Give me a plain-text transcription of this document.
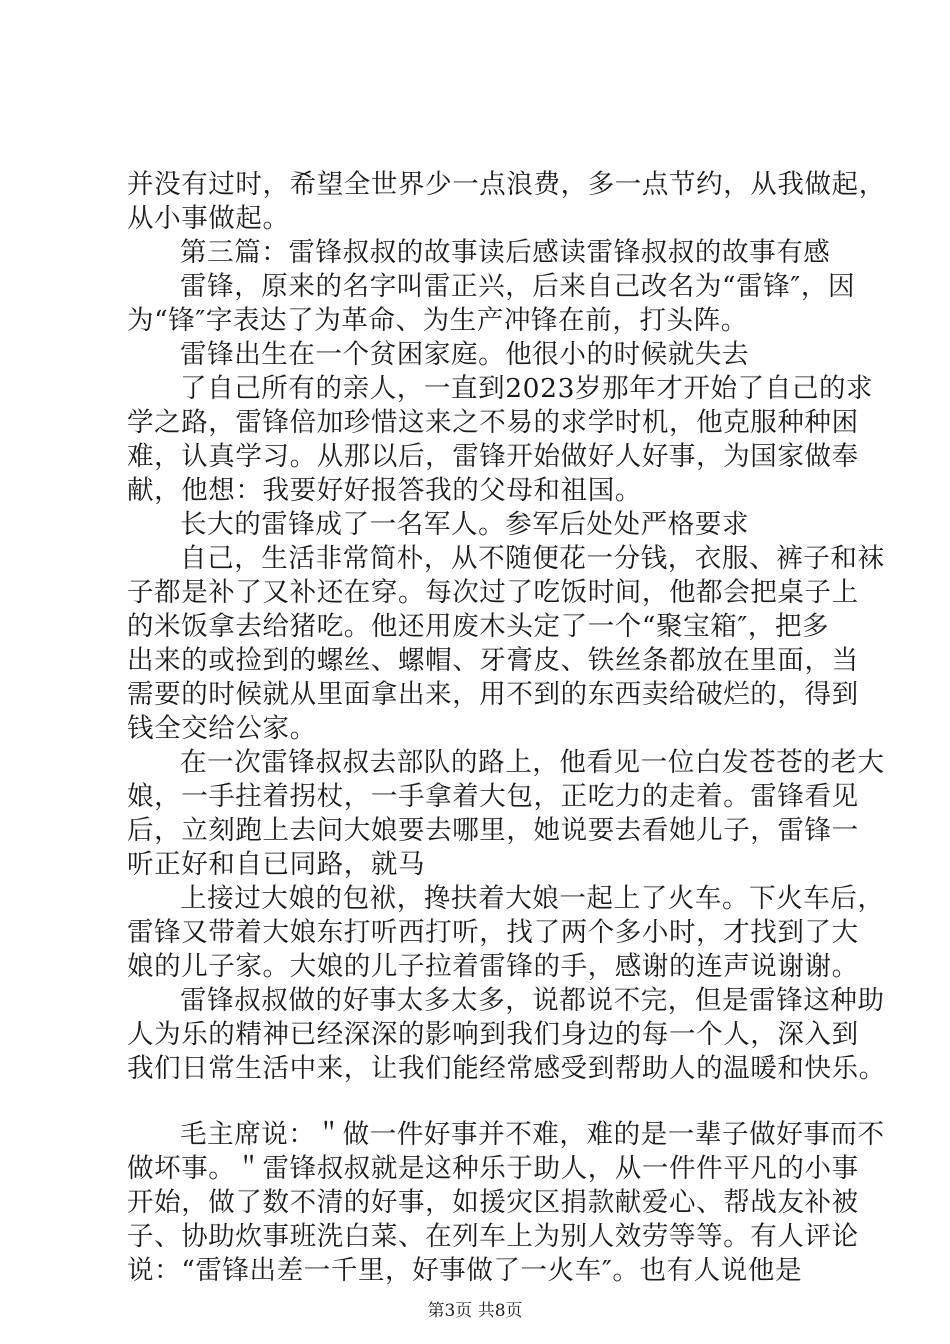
并没有过时，希望全世界少一点浪费，多一点节约，从我做起，
从小事做起。
第三篇：雷锋叔叔的故事读后感读雷锋叔叔的故事有感
雷锋，原来的名字叫雷正兴，后来自己改名为“雷锋″，因
为“锋″字表达了为革命、为生产冲锋在前，打头阵。
雷锋出生在一个贫困家庭。他很小的时候就失去
了自己所有的亲人，一直到2023岁那年才开始了自己的求
学之路，雷锋倍加珍惜这来之不易的求学时机，他克服种种困
难，认真学习。从那以后，雷锋开始做好人好事，为国家做奉
献，他想：我要好好报答我的父母和祖国。
长大的雷锋成了一名军人。参军后处处严格要求
自己，生活非常简朴，从不随便花一分钱，衣服、裤子和袜
子都是补了又补还在穿。每次过了吃饭时间，他都会把桌子上
的米饭拿去给猪吃。他还用废木头定了一个“聚宝箱″，把多
出来的或捡到的螺丝、螺帽、牙膏皮、铁丝条都放在里面，当
需要的时候就从里面拿出来，用不到的东西卖给破烂的，得到
钱全交给公家。
在一次雷锋叔叔去部队的路上，他看见一位白发苍苍的老大
娘，一手拄着拐杖，一手拿着大包，正吃力的走着。雷锋看见
后，立刻跑上去问大娘要去哪里，她说要去看她儿子，雷锋一
听正好和自已同路，就马
上接过大娘的包袱，搀扶着大娘一起上了火车。下火车后，
雷锋又带着大娘东打听西打听，找了两个多小时，才找到了大
娘的儿子家。大娘的儿子拉着雷锋的手，感谢的连声说谢谢。
雷锋叔叔做的好事太多太多，说都说不完，但是雷锋这种助
人为乐的精神已经深深的影响到我们身边的每一个人，深入到
我们日常生活中来，让我们能经常感受到帮助人的温暖和快乐。
毛主席说：＂做一件好事并不难，难的是一辈子做好事而不
做坏事。＂雷锋叔叔就是这种乐于助人，从一件件平凡的小事
开始，做了数不清的好事，如援灾区捐款献爱心、帮战友补被
子、协助炊事班洗白菜、在列车上为别人效劳等等。有人评论
说：“雷锋出差一千里，好事做了一火车″。也有人说他是
第3页 共8页
